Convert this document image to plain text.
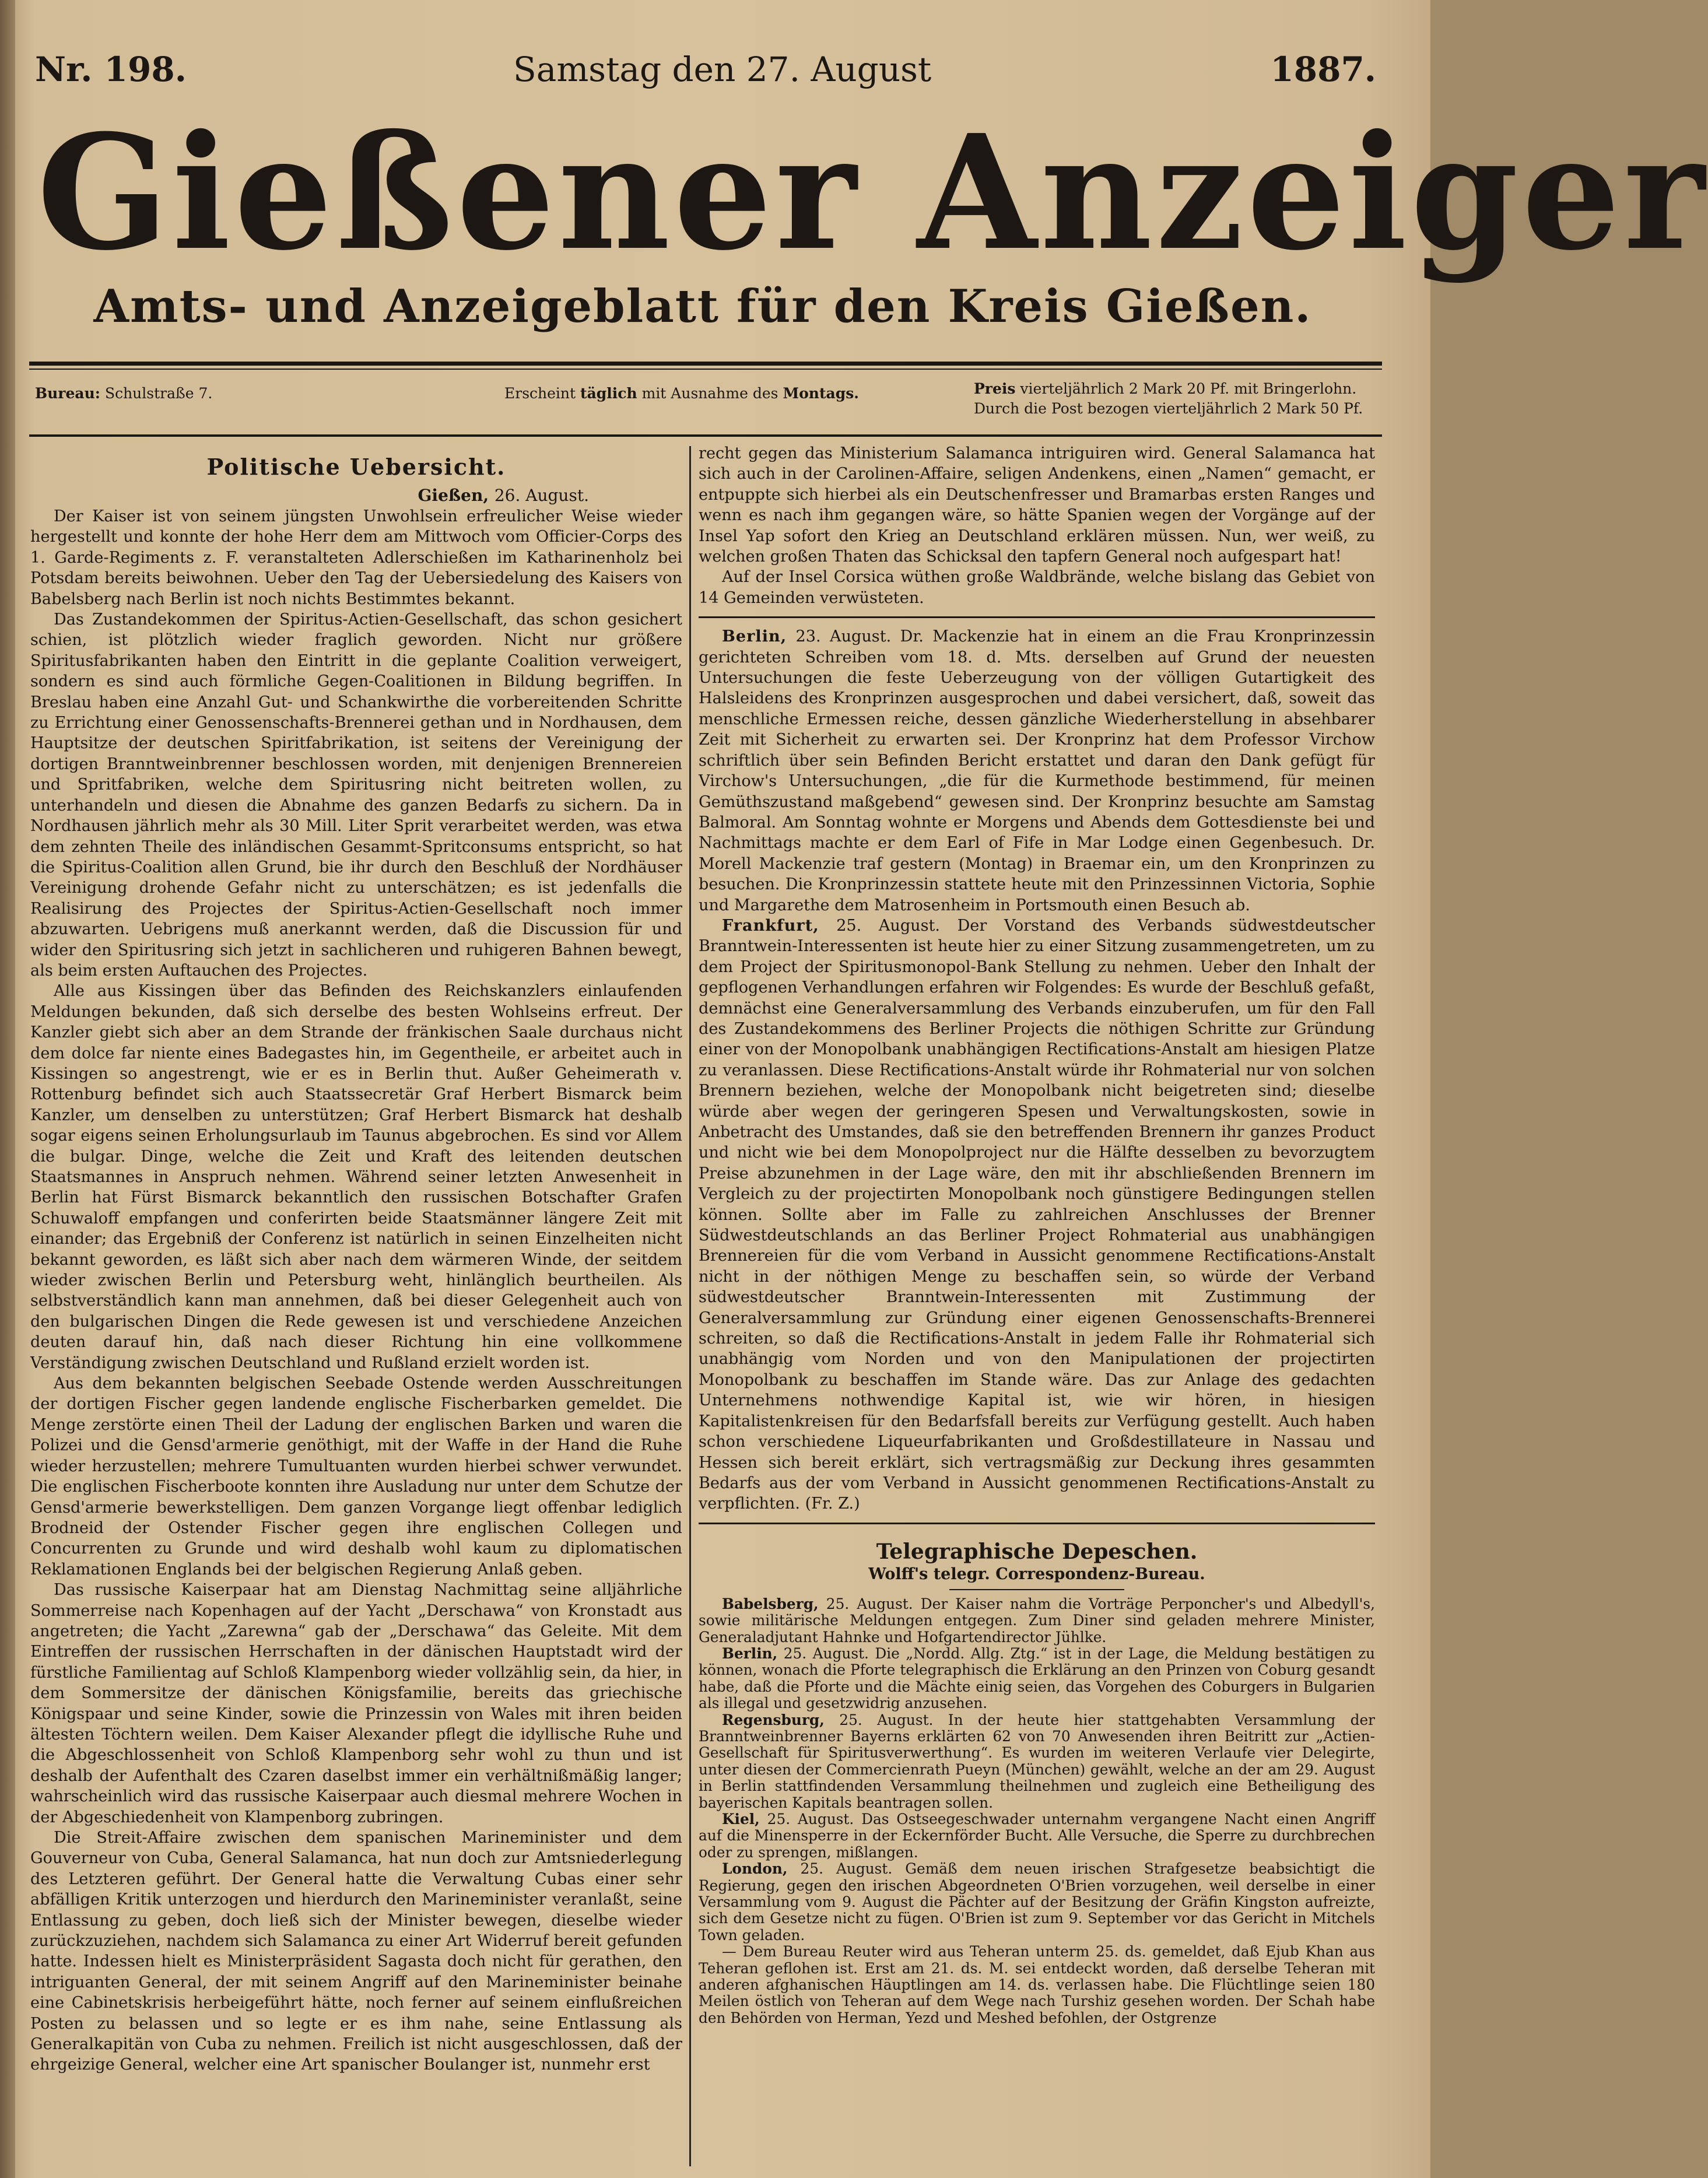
Nr. 198.	Samstag den 27. August	1887.
Gießener Anzeiger
Amts- und Anzeigeblatt für den Kreis Gießen.
Bureau: Schulstraße 7.	Erscheint täglich mit Ausnahme des Montags.	Preis vierteljährlich 2 Mark 20 Pf. mit Bringerlohn.
Durch die Post bezogen vierteljährlich 2 Mark 50 Pf.
Politische Uebersicht.
Gießen, 26. August.

Der Kaiser ist von seinem jüngsten Unwohlsein erfreulicher Weise wieder hergestellt und konnte der hohe Herr dem am Mittwoch vom Officier-Corps des 1. Garde-Regiments z. F. veranstalteten Adlerschießen im Katharinenholz bei Potsdam bereits beiwohnen. Ueber den Tag der Uebersiedelung des Kaisers von Babelsberg nach Berlin ist noch nichts Bestimmtes bekannt.

Das Zustandekommen der Spiritus-Actien-Gesellschaft, das schon gesichert schien, ist plötzlich wieder fraglich geworden. Nicht nur größere Spiritusfabrikanten haben den Eintritt in die geplante Coalition verweigert, sondern es sind auch förmliche Gegen-Coalitionen in Bildung begriffen. In Breslau haben eine Anzahl Gut- und Schankwirthe die vorbereitenden Schritte zu Errichtung einer Genossenschafts-Brennerei gethan und in Nordhausen, dem Hauptsitze der deutschen Spiritfabrikation, ist seitens der Vereinigung der dortigen Branntweinbrenner beschlossen worden, mit denjenigen Brennereien und Spritfabriken, welche dem Spiritusring nicht beitreten wollen, zu unterhandeln und diesen die Abnahme des ganzen Bedarfs zu sichern. Da in Nordhausen jährlich mehr als 30 Mill. Liter Sprit verarbeitet werden, was etwa dem zehnten Theile des inländischen Gesammt-Spritconsums entspricht, so hat die Spiritus-Coalition allen Grund, bie ihr durch den Beschluß der Nordhäuser Vereinigung drohende Gefahr nicht zu unterschätzen; es ist jedenfalls die Realisirung des Projectes der Spiritus-Actien-Gesellschaft noch immer abzuwarten. Uebrigens muß anerkannt werden, daß die Discussion für und wider den Spiritusring sich jetzt in sachlicheren und ruhigeren Bahnen bewegt, als beim ersten Auftauchen des Projectes.

Alle aus Kissingen über das Befinden des Reichskanzlers einlaufenden Meldungen bekunden, daß sich derselbe des besten Wohlseins erfreut. Der Kanzler giebt sich aber an dem Strande der fränkischen Saale durchaus nicht dem dolce far niente eines Badegastes hin, im Gegentheile, er arbeitet auch in Kissingen so angestrengt, wie er es in Berlin thut. Außer Geheimerath v. Rottenburg befindet sich auch Staatssecretär Graf Herbert Bismarck beim Kanzler, um denselben zu unterstützen; Graf Herbert Bismarck hat deshalb sogar eigens seinen Erholungsurlaub im Taunus abgebrochen. Es sind vor Allem die bulgar. Dinge, welche die Zeit und Kraft des leitenden deutschen Staatsmannes in Anspruch nehmen. Während seiner letzten Anwesenheit in Berlin hat Fürst Bismarck bekanntlich den russischen Botschafter Grafen Schuwaloff empfangen und conferirten beide Staatsmänner längere Zeit mit einander; das Ergebniß der Conferenz ist natürlich in seinen Einzelheiten nicht bekannt geworden, es läßt sich aber nach dem wärmeren Winde, der seitdem wieder zwischen Berlin und Petersburg weht, hinlänglich beurtheilen. Als selbstverständlich kann man annehmen, daß bei dieser Gelegenheit auch von den bulgarischen Dingen die Rede gewesen ist und verschiedene Anzeichen deuten darauf hin, daß nach dieser Richtung hin eine vollkommene Verständigung zwischen Deutschland und Rußland erzielt worden ist.

Aus dem bekannten belgischen Seebade Ostende werden Ausschreitungen der dortigen Fischer gegen landende englische Fischerbarken gemeldet. Die Menge zerstörte einen Theil der Ladung der englischen Barken und waren die Polizei und die Gensd'armerie genöthigt, mit der Waffe in der Hand die Ruhe wieder herzustellen; mehrere Tumultuanten wurden hierbei schwer verwundet. Die englischen Fischerboote konnten ihre Ausladung nur unter dem Schutze der Gensd'armerie bewerkstelligen. Dem ganzen Vorgange liegt offenbar lediglich Brodneid der Ostender Fischer gegen ihre englischen Collegen und Concurrenten zu Grunde und wird deshalb wohl kaum zu diplomatischen Reklamationen Englands bei der belgischen Regierung Anlaß geben.

Das russische Kaiserpaar hat am Dienstag Nachmittag seine alljährliche Sommerreise nach Kopenhagen auf der Yacht „Derschawa“ von Kronstadt aus angetreten; die Yacht „Zarewna“ gab der „Derschawa“ das Geleite. Mit dem Eintreffen der russischen Herrschaften in der dänischen Hauptstadt wird der fürstliche Familientag auf Schloß Klampenborg wieder vollzählig sein, da hier, in dem Sommersitze der dänischen Königsfamilie, bereits das griechische Königspaar und seine Kinder, sowie die Prinzessin von Wales mit ihren beiden ältesten Töchtern weilen. Dem Kaiser Alexander pflegt die idyllische Ruhe und die Abgeschlossenheit von Schloß Klampenborg sehr wohl zu thun und ist deshalb der Aufenthalt des Czaren daselbst immer ein verhältnißmäßig langer; wahrscheinlich wird das russische Kaiserpaar auch diesmal mehrere Wochen in der Abgeschiedenheit von Klampenborg zubringen.

Die Streit-Affaire zwischen dem spanischen Marineminister und dem Gouverneur von Cuba, General Salamanca, hat nun doch zur Amtsniederlegung des Letzteren geführt. Der General hatte die Verwaltung Cubas einer sehr abfälligen Kritik unterzogen und hierdurch den Marineminister veranlaßt, seine Entlassung zu geben, doch ließ sich der Minister bewegen, dieselbe wieder zurückzuziehen, nachdem sich Salamanca zu einer Art Widerruf bereit gefunden hatte. Indessen hielt es Ministerpräsident Sagasta doch nicht für gerathen, den intriguanten General, der mit seinem Angriff auf den Marineminister beinahe eine Cabinetskrisis herbeigeführt hätte, noch ferner auf seinem einflußreichen Posten zu belassen und so legte er es ihm nahe, seine Entlassung als Generalkapitän von Cuba zu nehmen. Freilich ist nicht ausgeschlossen, daß der ehrgeizige General, welcher eine Art spanischer Boulanger ist, nunmehr erst

recht gegen das Ministerium Salamanca intriguiren wird. General Salamanca hat sich auch in der Carolinen-Affaire, seligen Andenkens, einen „Namen“ gemacht, er entpuppte sich hierbei als ein Deutschenfresser und Bramarbas ersten Ranges und wenn es nach ihm gegangen wäre, so hätte Spanien wegen der Vorgänge auf der Insel Yap sofort den Krieg an Deutschland erklären müssen. Nun, wer weiß, zu welchen großen Thaten das Schicksal den tapfern General noch aufgespart hat!

Auf der Insel Corsica wüthen große Waldbrände, welche bislang das Gebiet von 14 Gemeinden verwüsteten.

Berlin, 23. August. Dr. Mackenzie hat in einem an die Frau Kronprinzessin gerichteten Schreiben vom 18. d. Mts. derselben auf Grund der neuesten Untersuchungen die feste Ueberzeugung von der völligen Gutartigkeit des Halsleidens des Kronprinzen ausgesprochen und dabei versichert, daß, soweit das menschliche Ermessen reiche, dessen gänzliche Wiederherstellung in absehbarer Zeit mit Sicherheit zu erwarten sei. Der Kronprinz hat dem Professor Virchow schriftlich über sein Befinden Bericht erstattet und daran den Dank gefügt für Virchow's Untersuchungen, „die für die Kurmethode bestimmend, für meinen Gemüthszustand maßgebend“ gewesen sind. Der Kronprinz besuchte am Samstag Balmoral. Am Sonntag wohnte er Morgens und Abends dem Gottesdienste bei und Nachmittags machte er dem Earl of Fife in Mar Lodge einen Gegenbesuch. Dr. Morell Mackenzie traf gestern (Montag) in Braemar ein, um den Kronprinzen zu besuchen. Die Kronprinzessin stattete heute mit den Prinzessinnen Victoria, Sophie und Margarethe dem Matrosenheim in Portsmouth einen Besuch ab.

Frankfurt, 25. August. Der Vorstand des Verbands südwestdeutscher Branntwein-Interessenten ist heute hier zu einer Sitzung zusammengetreten, um zu dem Project der Spiritusmonopol-Bank Stellung zu nehmen. Ueber den Inhalt der gepflogenen Verhandlungen erfahren wir Folgendes: Es wurde der Beschluß gefaßt, demnächst eine Generalversammlung des Verbands einzuberufen, um für den Fall des Zustandekommens des Berliner Projects die nöthigen Schritte zur Gründung einer von der Monopolbank unabhängigen Rectifications-Anstalt am hiesigen Platze zu veranlassen. Diese Rectifications-Anstalt würde ihr Rohmaterial nur von solchen Brennern beziehen, welche der Monopolbank nicht beigetreten sind; dieselbe würde aber wegen der geringeren Spesen und Verwaltungskosten, sowie in Anbetracht des Umstandes, daß sie den betreffenden Brennern ihr ganzes Product und nicht wie bei dem Monopolproject nur die Hälfte desselben zu bevorzugtem Preise abzunehmen in der Lage wäre, den mit ihr abschließenden Brennern im Vergleich zu der projectirten Monopolbank noch günstigere Bedingungen stellen können. Sollte aber im Falle zu zahlreichen Anschlusses der Brenner Südwestdeutschlands an das Berliner Project Rohmaterial aus unabhängigen Brennereien für die vom Verband in Aussicht genommene Rectifications-Anstalt nicht in der nöthigen Menge zu beschaffen sein, so würde der Verband südwestdeutscher Branntwein-Interessenten mit Zustimmung der Generalversammlung zur Gründung einer eigenen Genossenschafts-Brennerei schreiten, so daß die Rectifications-Anstalt in jedem Falle ihr Rohmaterial sich unabhängig vom Norden und von den Manipulationen der projectirten Monopolbank zu beschaffen im Stande wäre. Das zur Anlage des gedachten Unternehmens nothwendige Kapital ist, wie wir hören, in hiesigen Kapitalistenkreisen für den Bedarfsfall bereits zur Verfügung gestellt. Auch haben schon verschiedene Liqueurfabrikanten und Großdestillateure in Nassau und Hessen sich bereit erklärt, sich vertragsmäßig zur Deckung ihres gesammten Bedarfs aus der vom Verband in Aussicht genommenen Rectifications-Anstalt zu verpflichten. (Fr. Z.)

Telegraphische Depeschen.
Wolff's telegr. Correspondenz-Bureau.

Babelsberg, 25. August. Der Kaiser nahm die Vorträge Perponcher's und Albedyll's, sowie militärische Meldungen entgegen. Zum Diner sind geladen mehrere Minister, Generaladjutant Hahnke und Hofgartendirector Jühlke.

Berlin, 25. August. Die „Nordd. Allg. Ztg.“ ist in der Lage, die Meldung bestätigen zu können, wonach die Pforte telegraphisch die Erklärung an den Prinzen von Coburg gesandt habe, daß die Pforte und die Mächte einig seien, das Vorgehen des Coburgers in Bulgarien als illegal und gesetzwidrig anzusehen.

Regensburg, 25. August. In der heute hier stattgehabten Versammlung der Branntweinbrenner Bayerns erklärten 62 von 70 Anwesenden ihren Beitritt zur „Actien-Gesellschaft für Spiritusverwerthung“. Es wurden im weiteren Verlaufe vier Delegirte, unter diesen der Commercienrath Pueyn (München) gewählt, welche an der am 29. August in Berlin stattfindenden Versammlung theilnehmen und zugleich eine Betheiligung des bayerischen Kapitals beantragen sollen.

Kiel, 25. August. Das Ostseegeschwader unternahm vergangene Nacht einen Angriff auf die Minensperre in der Eckernförder Bucht. Alle Versuche, die Sperre zu durchbrechen oder zu sprengen, mißlangen.

London, 25. August. Gemäß dem neuen irischen Strafgesetze beabsichtigt die Regierung, gegen den irischen Abgeordneten O'Brien vorzugehen, weil derselbe in einer Versammlung vom 9. August die Pächter auf der Besitzung der Gräfin Kingston aufreizte, sich dem Gesetze nicht zu fügen. O'Brien ist zum 9. September vor das Gericht in Mitchels Town geladen.

— Dem Bureau Reuter wird aus Teheran unterm 25. ds. gemeldet, daß Ejub Khan aus Teheran geflohen ist. Erst am 21. ds. M. sei entdeckt worden, daß derselbe Teheran mit anderen afghanischen Häuptlingen am 14. ds. verlassen habe. Die Flüchtlinge seien 180 Meilen östlich von Teheran auf dem Wege nach Turshiz gesehen worden. Der Schah habe den Behörden von Herman, Yezd und Meshed befohlen, der Ostgrenze
